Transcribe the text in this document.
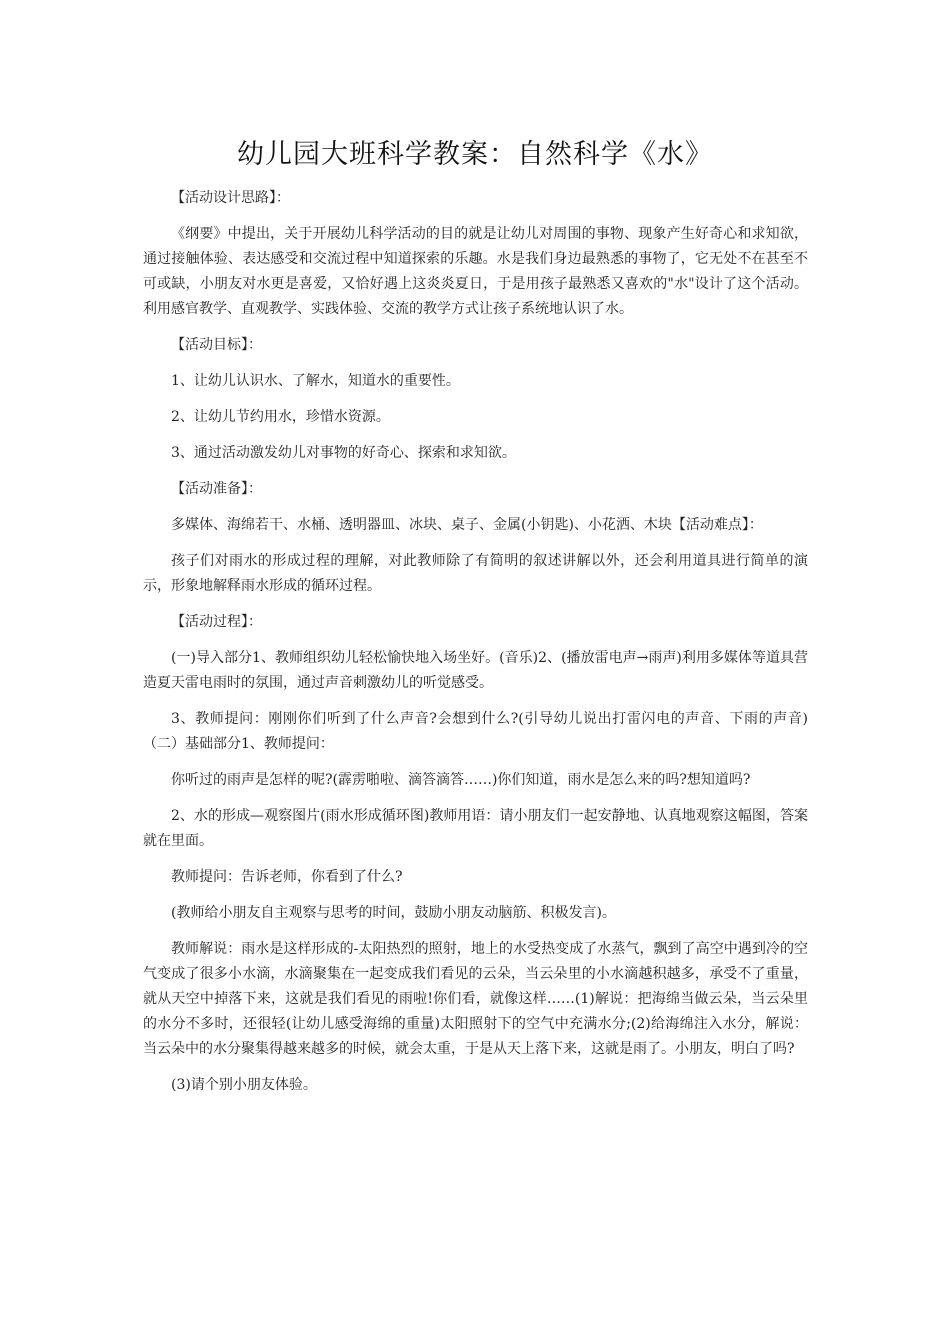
幼儿园大班科学教案：自然科学《水》

【活动设计思路】：

《纲要》中提出，关于开展幼儿科学活动的目的就是让幼儿对周围的事物、现象产生好奇心和求知欲，通过接触体验、表达感受和交流过程中知道探索的乐趣。水是我们身边最熟悉的事物了，它无处不在甚至不可或缺，小朋友对水更是喜爱，又恰好遇上这炎炎夏日，于是用孩子最熟悉又喜欢的"水"设计了这个活动。利用感官教学、直观教学、实践体验、交流的教学方式让孩子系统地认识了水。

【活动目标】：

1、让幼儿认识水、了解水，知道水的重要性。

2、让幼儿节约用水，珍惜水资源。

3、通过活动激发幼儿对事物的好奇心、探索和求知欲。

【活动准备】：

多媒体、海绵若干、水桶、透明器皿、冰块、桌子、金属(小钥匙)、小花洒、木块【活动难点】：

孩子们对雨水的形成过程的理解，对此教师除了有简明的叙述讲解以外，还会利用道具进行简单的演示，形象地解释雨水形成的循环过程。

【活动过程】：

(一)导入部分1、教师组织幼儿轻松愉快地入场坐好。(音乐)2、(播放雷电声→雨声)利用多媒体等道具营造夏天雷电雨时的氛围，通过声音刺激幼儿的听觉感受。

3、教师提问：刚刚你们听到了什么声音?会想到什么?(引导幼儿说出打雷闪电的声音、下雨的声音)（二）基础部分1、教师提问：

你听过的雨声是怎样的呢?(霹雳啪啦、滴答滴答……)你们知道，雨水是怎么来的吗?想知道吗?

2、水的形成—观察图片(雨水形成循环图)教师用语：请小朋友们一起安静地、认真地观察这幅图，答案就在里面。

教师提问：告诉老师，你看到了什么?

(教师给小朋友自主观察与思考的时间，鼓励小朋友动脑筋、积极发言)。

教师解说：雨水是这样形成的-太阳热烈的照射，地上的水受热变成了水蒸气，飘到了高空中遇到冷的空气变成了很多小水滴，水滴聚集在一起变成我们看见的云朵，当云朵里的小水滴越积越多，承受不了重量，就从天空中掉落下来，这就是我们看见的雨啦!你们看，就像这样……(1)解说：把海绵当做云朵，当云朵里的水分不多时，还很轻(让幼儿感受海绵的重量)太阳照射下的空气中充满水分;(2)给海绵注入水分，解说：当云朵中的水分聚集得越来越多的时候，就会太重，于是从天上落下来，这就是雨了。小朋友，明白了吗?

(3)请个别小朋友体验。
